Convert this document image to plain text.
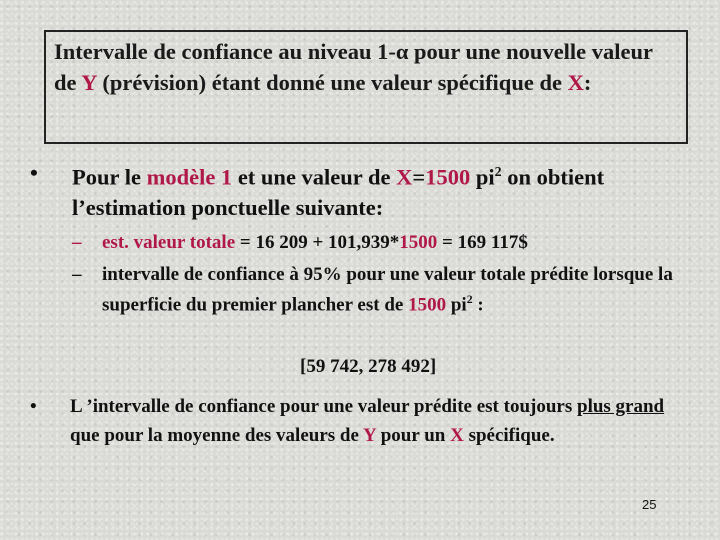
Intervalle de confiance au niveau 1-α pour une nouvelle valeur de Y (prévision) étant donné une valeur spécifique de X:
• Pour le modèle 1 et une valeur de X=1500 $pi^2$ on obtient l’estimation ponctuelle suivante:
– est. valeur totale = 16 209 + 101,939*1500 = 169 117$
– intervalle de confiance à 95% pour une valeur totale prédite lorsque la superficie du premier plancher est de 1500 $pi^2$ :
[59 742, 278 492]
• L ’intervalle de confiance pour une valeur prédite est toujours plus grand que pour la moyenne des valeurs de Y pour un X spécifique.
25
